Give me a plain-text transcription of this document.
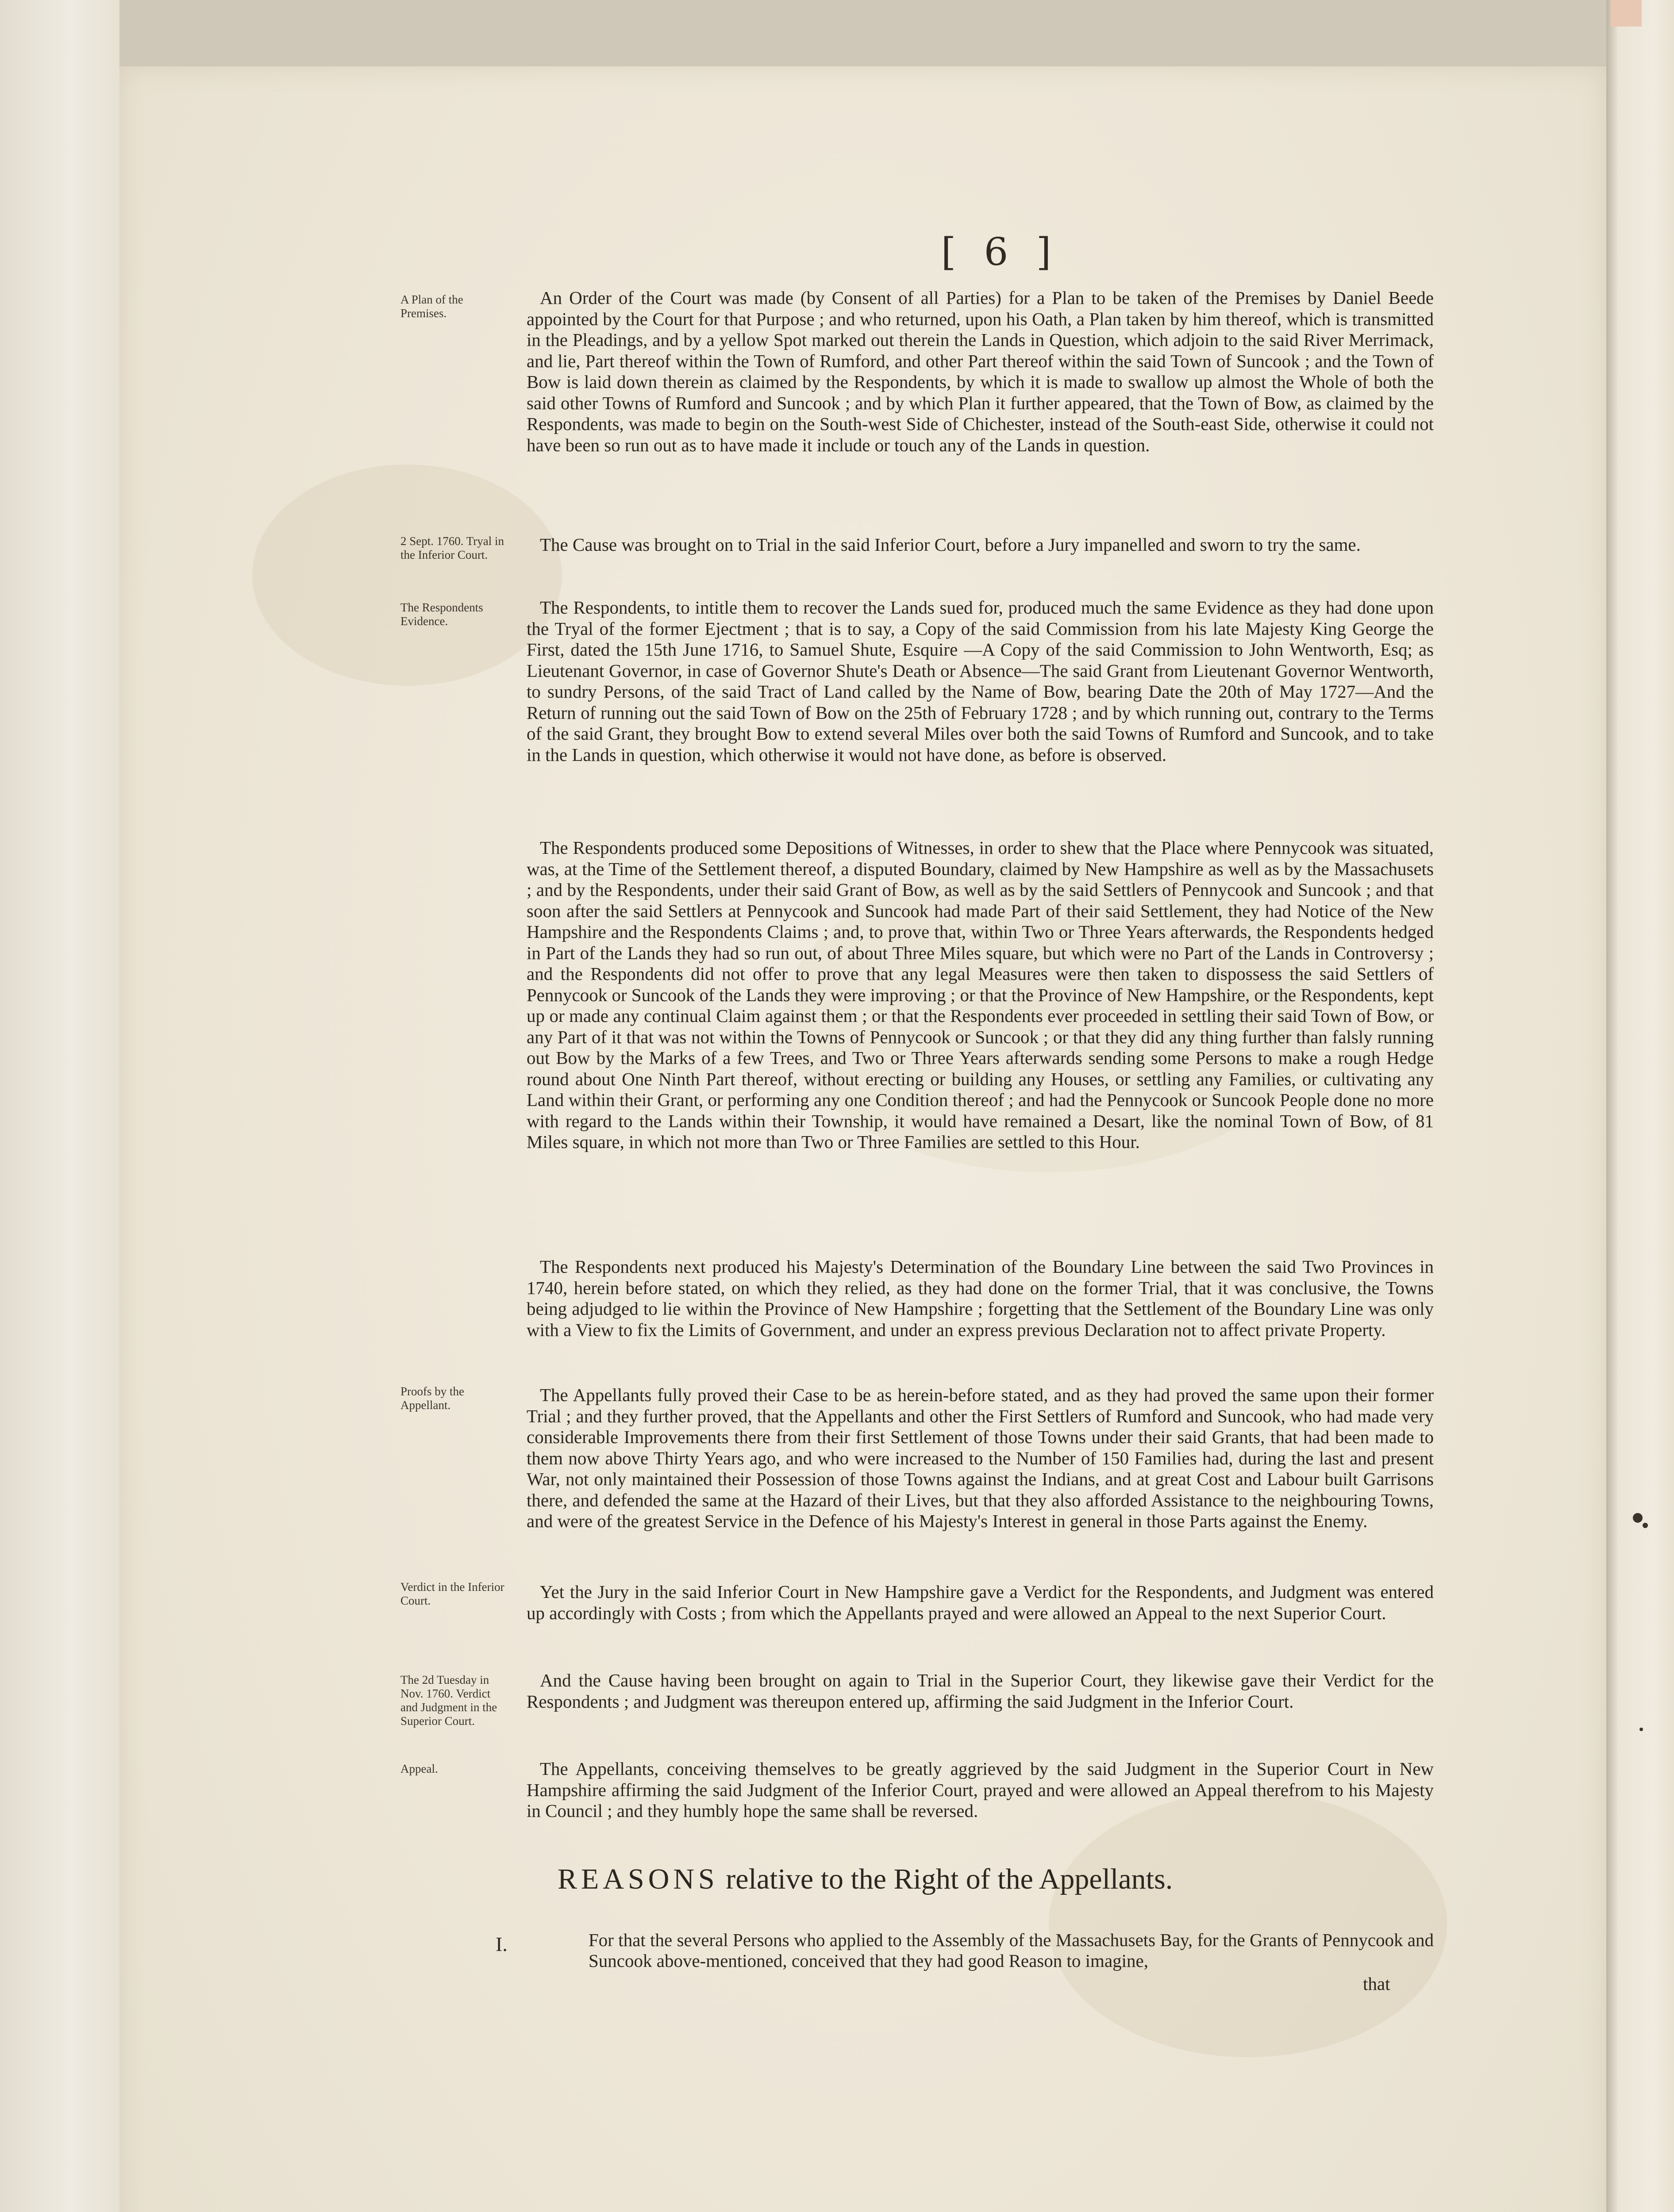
[ 6 ]
A Plan of the Premises.
2 Sept. 1760. Tryal in the Inferior Court.
The Respondents Evidence.
Proofs by the Appellant.
Verdict in the Inferior Court.
The 2d Tuesday in Nov. 1760. Verdict and Judgment in the Superior Court.
Appeal.

An Order of the Court was made (by Consent of all Parties) for a Plan to be taken of the Premises by Daniel Beede appointed by the Court for that Purpose ; and who returned, upon his Oath, a Plan taken by him thereof, which is transmitted in the Pleadings, and by a yellow Spot marked out therein the Lands in Question, which adjoin to the said River Merrimack, and lie, Part thereof within the Town of Rumford, and other Part thereof within the said Town of Suncook ; and the Town of Bow is laid down therein as claimed by the Respondents, by which it is made to swallow up almost the Whole of both the said other Towns of Rumford and Suncook ; and by which Plan it further appeared, that the Town of Bow, as claimed by the Respondents, was made to begin on the South-west Side of Chichester, instead of the South-east Side, otherwise it could not have been so run out as to have made it include or touch any of the Lands in question.

The Cause was brought on to Trial in the said Inferior Court, before a Jury impanelled and sworn to try the same.

The Respondents, to intitle them to recover the Lands sued for, produced much the same Evidence as they had done upon the Tryal of the former Ejectment ; that is to say, a Copy of the said Commission from his late Majesty King George the First, dated the 15th June 1716, to Samuel Shute, Esquire —A Copy of the said Commission to John Wentworth, Esq; as Lieutenant Governor, in case of Governor Shute's Death or Absence—The said Grant from Lieutenant Governor Wentworth, to sundry Persons, of the said Tract of Land called by the Name of Bow, bearing Date the 20th of May 1727—And the Return of running out the said Town of Bow on the 25th of February 1728 ; and by which running out, contrary to the Terms of the said Grant, they brought Bow to extend several Miles over both the said Towns of Rumford and Suncook, and to take in the Lands in question, which otherwise it would not have done, as before is observed.

The Respondents produced some Depositions of Witnesses, in order to shew that the Place where Pennycook was situated, was, at the Time of the Settlement thereof, a disputed Boundary, claimed by New Hampshire as well as by the Massachusets ; and by the Respondents, under their said Grant of Bow, as well as by the said Settlers of Pennycook and Suncook ; and that soon after the said Settlers at Pennycook and Suncook had made Part of their said Settlement, they had Notice of the New Hampshire and the Respondents Claims ; and, to prove that, within Two or Three Years afterwards, the Respondents hedged in Part of the Lands they had so run out, of about Three Miles square, but which were no Part of the Lands in Controversy ; and the Respondents did not offer to prove that any legal Measures were then taken to dispossess the said Settlers of Pennycook or Suncook of the Lands they were improving ; or that the Province of New Hampshire, or the Respondents, kept up or made any continual Claim against them ; or that the Respondents ever proceeded in settling their said Town of Bow, or any Part of it that was not within the Towns of Pennycook or Suncook ; or that they did any thing further than falsly running out Bow by the Marks of a few Trees, and Two or Three Years afterwards sending some Persons to make a rough Hedge round about One Ninth Part thereof, without erecting or building any Houses, or settling any Families, or cultivating any Land within their Grant, or performing any one Condition thereof ; and had the Pennycook or Suncook People done no more with regard to the Lands within their Township, it would have remained a Desart, like the nominal Town of Bow, of 81 Miles square, in which not more than Two or Three Families are settled to this Hour.

The Respondents next produced his Majesty's Determination of the Boundary Line between the said Two Provinces in 1740, herein before stated, on which they relied, as they had done on the former Trial, that it was conclusive, the Towns being adjudged to lie within the Province of New Hampshire ; forgetting that the Settlement of the Boundary Line was only with a View to fix the Limits of Government, and under an express previous Declaration not to affect private Property.

The Appellants fully proved their Case to be as herein-before stated, and as they had proved the same upon their former Trial ; and they further proved, that the Appellants and other the First Settlers of Rumford and Suncook, who had made very considerable Improvements there from their first Settlement of those Towns under their said Grants, that had been made to them now above Thirty Years ago, and who were increased to the Number of 150 Families had, during the last and present War, not only maintained their Possession of those Towns against the Indians, and at great Cost and Labour built Garrisons there, and defended the same at the Hazard of their Lives, but that they also afforded Assistance to the neighbouring Towns, and were of the greatest Service in the Defence of his Majesty's Interest in general in those Parts against the Enemy.

Yet the Jury in the said Inferior Court in New Hampshire gave a Verdict for the Respondents, and Judgment was entered up accordingly with Costs ; from which the Appellants prayed and were allowed an Appeal to the next Superior Court.

And the Cause having been brought on again to Trial in the Superior Court, they likewise gave their Verdict for the Respondents ; and Judgment was thereupon entered up, affirming the said Judgment in the Inferior Court.

The Appellants, conceiving themselves to be greatly aggrieved by the said Judgment in the Superior Court in New Hampshire affirming the said Judgment of the Inferior Court, prayed and were allowed an Appeal therefrom to his Majesty in Council ; and they humbly hope the same shall be reversed.

REASONS relative to the Right of the Appellants.
I.	For that the several Persons who applied to the Assembly of the Massachusets Bay, for the Grants of Pennycook and Suncook above-mentioned, conceived that they had good Reason to imagine,

that
